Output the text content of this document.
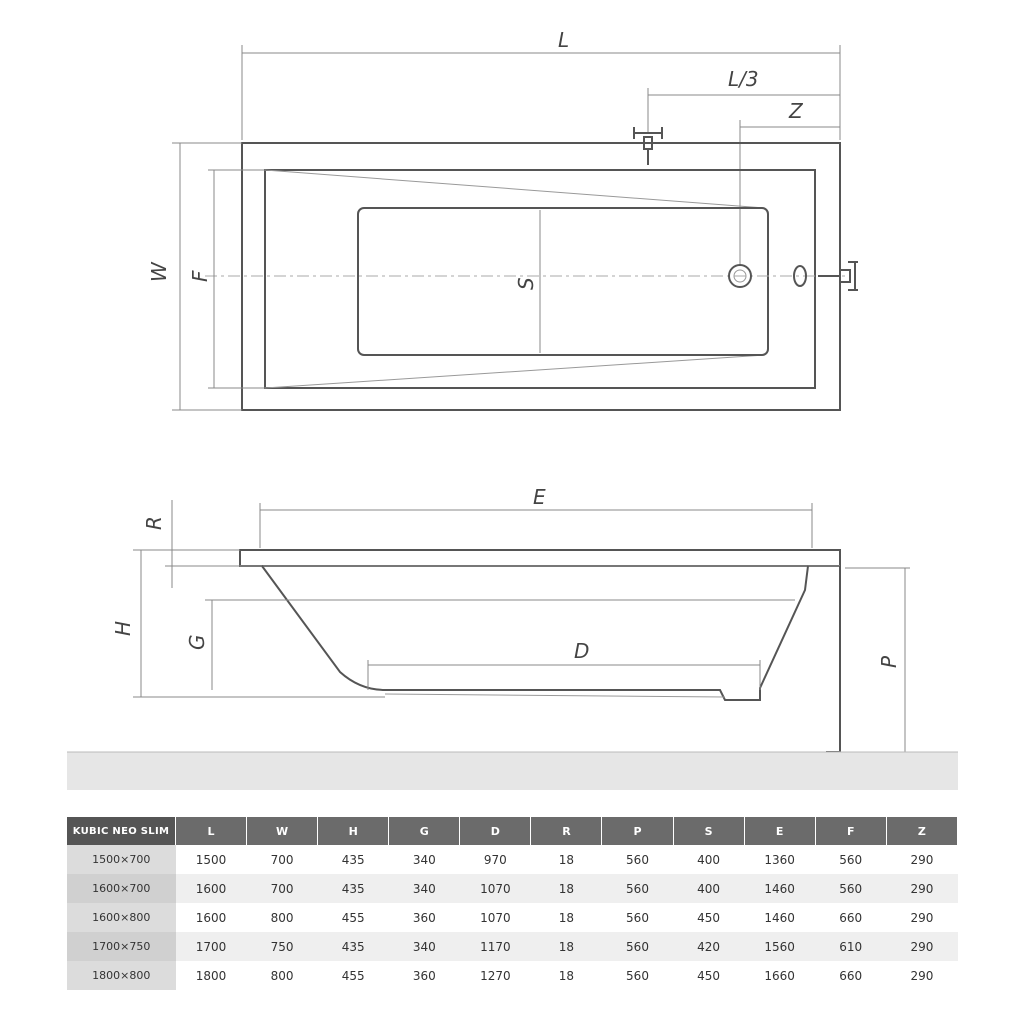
L
L/3
Z
S
W F
E
R
H
G	D	P
KUBIC NEO SLIM	L	W	H	G	D	R	P	S	E	F	Z
1500×700	1500	700	435	340	970	18	560	400	1360	560	290
1600×700	1600	700	435	340	1070	18	560	400	1460	560	290
1600×800	1600	800	455	360	1070	18	560	450	1460	660	290
1700×750	1700	750	435	340	1170	18	560	420	1560	610	290
1800×800	1800	800	455	360	1270	18	560	450	1660	660	290
